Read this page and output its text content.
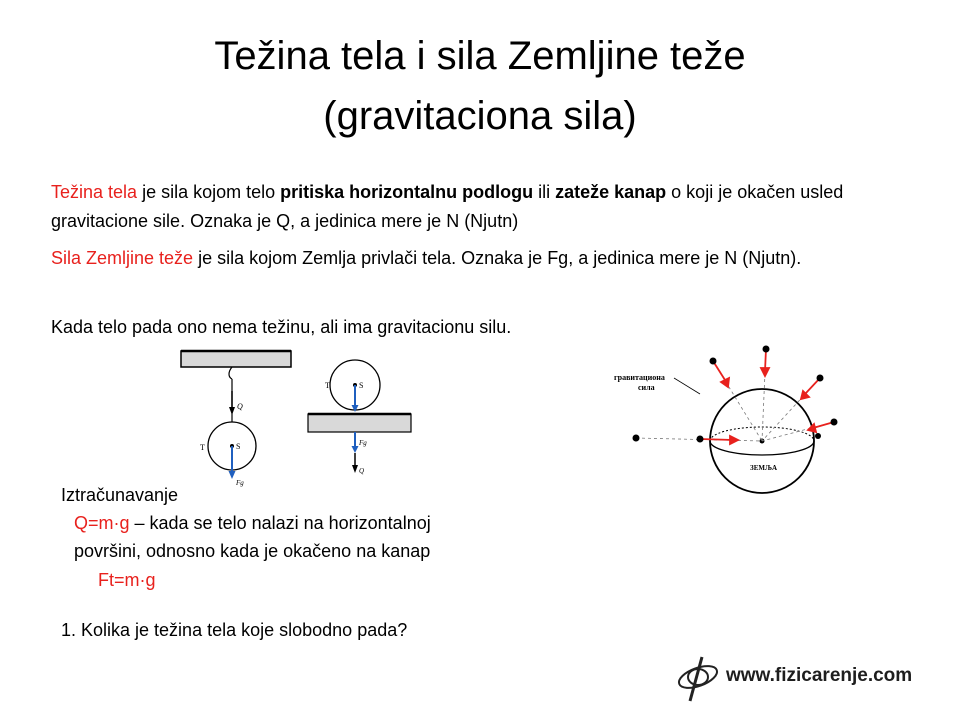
Težina tela i sila Zemljine teže
(gravitaciona sila)
Težina tela je sila kojom telo pritiska horizontalnu podlogu ili zateže kanap o koji je okačen usled gravitacione sile. Oznaka je Q, a jedinica mere je N (Njutn)
Sila Zemljine teže je sila kojom Zemlja privlači tela. Oznaka je Fg, a jedinica mere je N (Njutn).
Kada telo pada ono nema težinu, ali ima gravitacionu silu.
Q
T	S
Fg
T	S
Fg
Q
гравитациона
сила
ЗЕМЉА
Iztračunavanje
Q=m·g – kada se telo nalazi na horizontalnoj
površini, odnosno kada je okačeno na kanap
Ft=m·g
1. Kolika je težina tela koje slobodno pada?
www.fizicarenje.com
